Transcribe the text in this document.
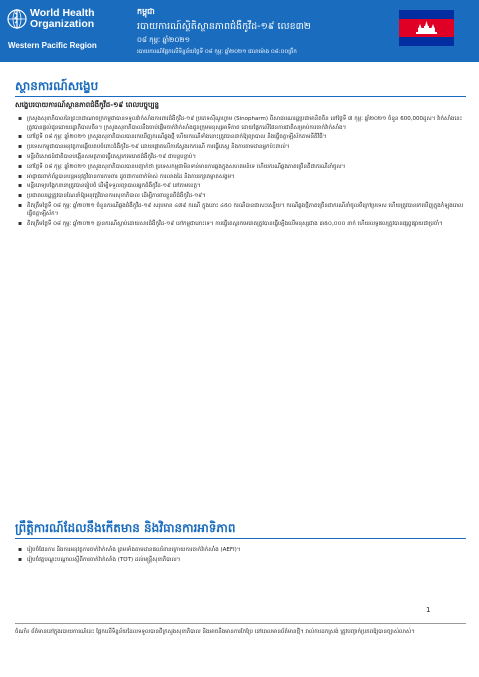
World Health
Organization
Western Pacific Region
កម្ពុជា
របាយការណ៍ស្ថិតិស្ថានភាពជំងឺកូវីដ-១៩ លេខ៣២
០៨ កុម្ភៈ ឆ្នាំ២០២១
របាយការណ៍ផ្អែកលើទិន្នន័យថ្ងៃទី ០៨ កុម្ភៈ ឆ្នាំ២០២១ វេលាម៉ោង ០៨:០០ព្រឹក
ស្ថានការណ៍សង្ខេប
សង្ខេបរបាយការណ៍ស្ថានភាពជំងឺកូវីដ-១៩ ពេលបច្ចុប្បន្ន
▪ ក្រសួងសុខាភិបាលនៃព្រះរាជាណាចក្រកម្ពុជាបានទទួលវ៉ាក់សាំងការពារជំងឺកូវីដ-១៩ ប្រភេទស៊ីណូហ្វាម (Sinopharm) ពីសាធារណរដ្ឋប្រជាមានិតចិន នៅថ្ងៃទី ៧ កុម្ភៈ ឆ្នាំ២០២១ ចំនួន 600,000ដូស។ វ៉ាក់សាំងនេះត្រូវបានផ្តល់ជូនដោយរដ្ឋាភិបាលចិន។ ក្រសួងសុខាភិបាលនឹងចាប់ផ្តើមចាក់វ៉ាក់សាំងជូនក្រុមមនុស្សអាទិភាព ដោយផ្អែកលើផែនការជាតិសម្រាប់ការចាក់វ៉ាក់សាំង។
▪ នៅថ្ងៃទី ០៨ កុម្ភៈ ឆ្នាំ២០២១ ក្រសួងសុខាភិបាលបានរកឃើញករណីឆ្លងថ្មី ហើយករណីទាំងនោះត្រូវបានដាក់ឱ្យព្យាបាល និងធ្វើចត្តាឡីស័កតាមនីតិវិធី។
▪ ប្រទេសកម្ពុជាបានអនុវត្តការឆ្លើយតបចំពោះជំងឺកូវីដ-១៩ ដោយផ្តោតលើការស្វែងរកករណី ការធ្វើតេស្ត និងការតាមដានអ្នកប៉ះពាល់។
▪ មន្ទីរពិសោធន៍ជាតិបានបង្កើនសមត្ថភាពធ្វើតេស្តរកមេរោគជំងឺកូវីដ-១៩ ជាបន្តបន្ទាប់។
▪ នៅថ្ងៃទី ០៨ កុម្ភៈ ឆ្នាំ២០២១ ក្រសួងសុខាភិបាលបានបញ្ជាក់ថា ប្រទេសកម្ពុជាមិនទាន់មានការឆ្លងក្នុងសហគមន៍ទេ ហើយករណីឆ្លងភាគច្រើនគឺជាករណីនាំចូល។
▪ អាជ្ញាធរពាក់ព័ន្ធបានបន្តអនុវត្តវិធានការការពារ ដូចជាការពាក់ម៉ាស់ ការលាងដៃ និងការរក្សាគម្លាតសង្គម។
▪ មន្ទីរពេទ្យបង្អែកនានាត្រូវបានរៀបចំ ដើម្បីទទួលព្យាបាលអ្នកជំងឺកូវីដ-១៩ នៅតាមខេត្ត។
▪ ប្រជាពលរដ្ឋត្រូវបានណែនាំឱ្យអនុវត្តវិធានការសុខាភិបាល ដើម្បីការពារខ្លួនពីជំងឺកូវីដ-១៩។
▪ គិតត្រឹមថ្ងៃទី ០៨ កុម្ភៈ ឆ្នាំ២០២១ ចំនួនករណីឆ្លងជំងឺកូវីដ-១៩ សរុបមាន ៤៧៩ ករណី ក្នុងនោះ ៤៥០ ករណីបានជាសះស្បើយ។ ករណីឆ្លងថ្មីភាគច្រើនជាករណីនាំចូលពីក្រៅប្រទេស ហើយត្រូវបានរកឃើញក្នុងកំឡុងពេលធ្វើចត្តាឡីស័ក។
▪ គិតត្រឹមថ្ងៃទី ០៨ កុម្ភៈ ឆ្នាំ២០២១ គ្មានករណីស្លាប់ដោយសារជំងឺកូវីដ-១៩ នៅកម្ពុជានោះទេ។ ការធ្វើតេស្តរកមេរោគត្រូវបានធ្វើឡើងលើមនុស្សជាង ៣៥០,០០០ នាក់ ហើយលទ្ធផលត្រូវបានផ្សព្វផ្សាយជាប្រចាំ។
ព្រឹត្តិការណ៍ដែលនឹងកើតមាន និងវិធានការអាទិភាព
▪ រៀបចំផែនការ និងការអនុវត្តការចាក់វ៉ាក់សាំង ព្រមទាំងតាមដានផលរំខានក្រោយការចាក់វ៉ាក់សាំង (AEFI)។
▪ រៀបចំវគ្គបណ្តុះបណ្តាលស្តីពីការចាក់វ៉ាក់សាំង (TOT) ដល់មន្ត្រីសុខាភិបាល។
1
ចំណាំ៖ ព័ត៌មាននៅក្នុងរបាយការណ៍នេះ ផ្អែកលើទិន្នន័យដែលទទួលបានពីក្រសួងសុខាភិបាល និងអាចនឹងមានការកែប្រែ នៅពេលមានព័ត៌មានថ្មី។ រាល់ការដកស្រង់ ត្រូវបញ្ជាក់ប្រភពឱ្យបានច្បាស់លាស់។
